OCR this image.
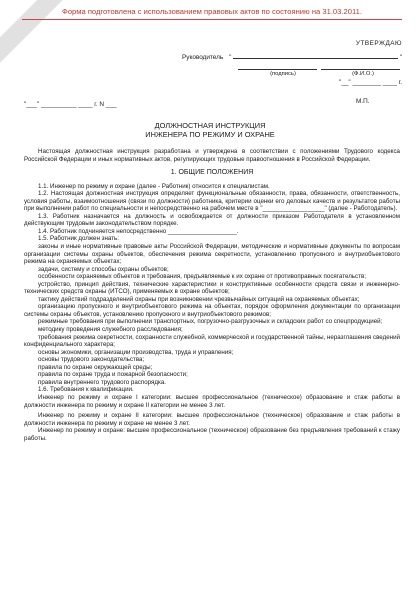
Форма подготовлена с использованием правовых актов по состоянию на 31.03.2011.
УТВЕРЖДАЮ
Руководитель "	"
(подпись)	(Ф.И.О.)
"__" ________ ____ г.
М.П.
"___" __________ ____ г. N ___
ДОЛЖНОСТНАЯ ИНСТРУКЦИЯ
ИНЖЕНЕРА ПО РЕЖИМУ И ОХРАНЕ

Настоящая должностная инструкция разработана и утверждена в соответствии с положениями Трудового кодекса Российской Федерации и иных нормативных актов, регулирующих трудовые правоотношения в Российской Федерации.

1. ОБЩИЕ ПОЛОЖЕНИЯ

1.1. Инженер по режиму и охране (далее - Работник) относится к специалистам.

1.2. Настоящая должностная инструкция определяет функциональные обязанности, права, обязанности, ответственность, условия работы, взаимоотношения (связи по должности) работника, критерии оценки его деловых качеств и результатов работы при выполнении работ по специальности и непосредственно на рабочем месте в "__________________" (далее - Работодатель).

1.3. Работник назначается на должность и освобождается от должности приказом Работодателя в установленном действующим трудовым законодательством порядке.

1.4. Работник подчиняется непосредственно ____________________.

1.5. Работник должен знать:

законы и иные нормативные правовые акты Российской Федерации, методические и нормативные документы по вопросам организации системы охраны объектов, обеспечения режима секретности, установлению пропускного и внутриобъектового режима на охраняемых объектах;

задачи, систему и способы охраны объектов;

особенности охраняемых объектов и требования, предъявляемые к их охране от противоправных посягательств;

устройство, принцип действия, технические характеристики и конструктивные особенности средств связи и инженерно-технических средств охраны (ИТСО), применяемых в охране объектов;

тактику действий подразделений охраны при возникновении чрезвычайных ситуаций на охраняемых объектах;

организацию пропускного и внутриобъектового режима на объектах, порядок оформления документации по организации системы охраны объектов, установлению пропускного и внутриобъектового режимов;

режимные требования при выполнении транспортных, погрузочно-разгрузочных и складских работ со спецпродукцией;

методику проведения служебного расследования;

требования режима секретности, сохранности служебной, коммерческой и государственной тайны, неразглашения сведений конфиденциального характера;

основы экономики, организации производства, труда и управления;

основы трудового законодательства;

правила по охране окружающей среды;

правила по охране труда и пожарной безопасности;

правила внутреннего трудового распорядка.

1.6. Требования к квалификации.

Инженер по режиму и охране I категории: высшее профессиональное (техническое) образование и стаж работы в должности инженера по режиму и охране II категории не менее 3 лет.

Инженер по режиму и охране II категории: высшее профессиональное (техническое) образование и стаж работы в должности инженера по режиму и охране не менее 3 лет.

Инженер по режиму и охране: высшее профессиональное (техническое) образование без предъявления требований к стажу работы.
